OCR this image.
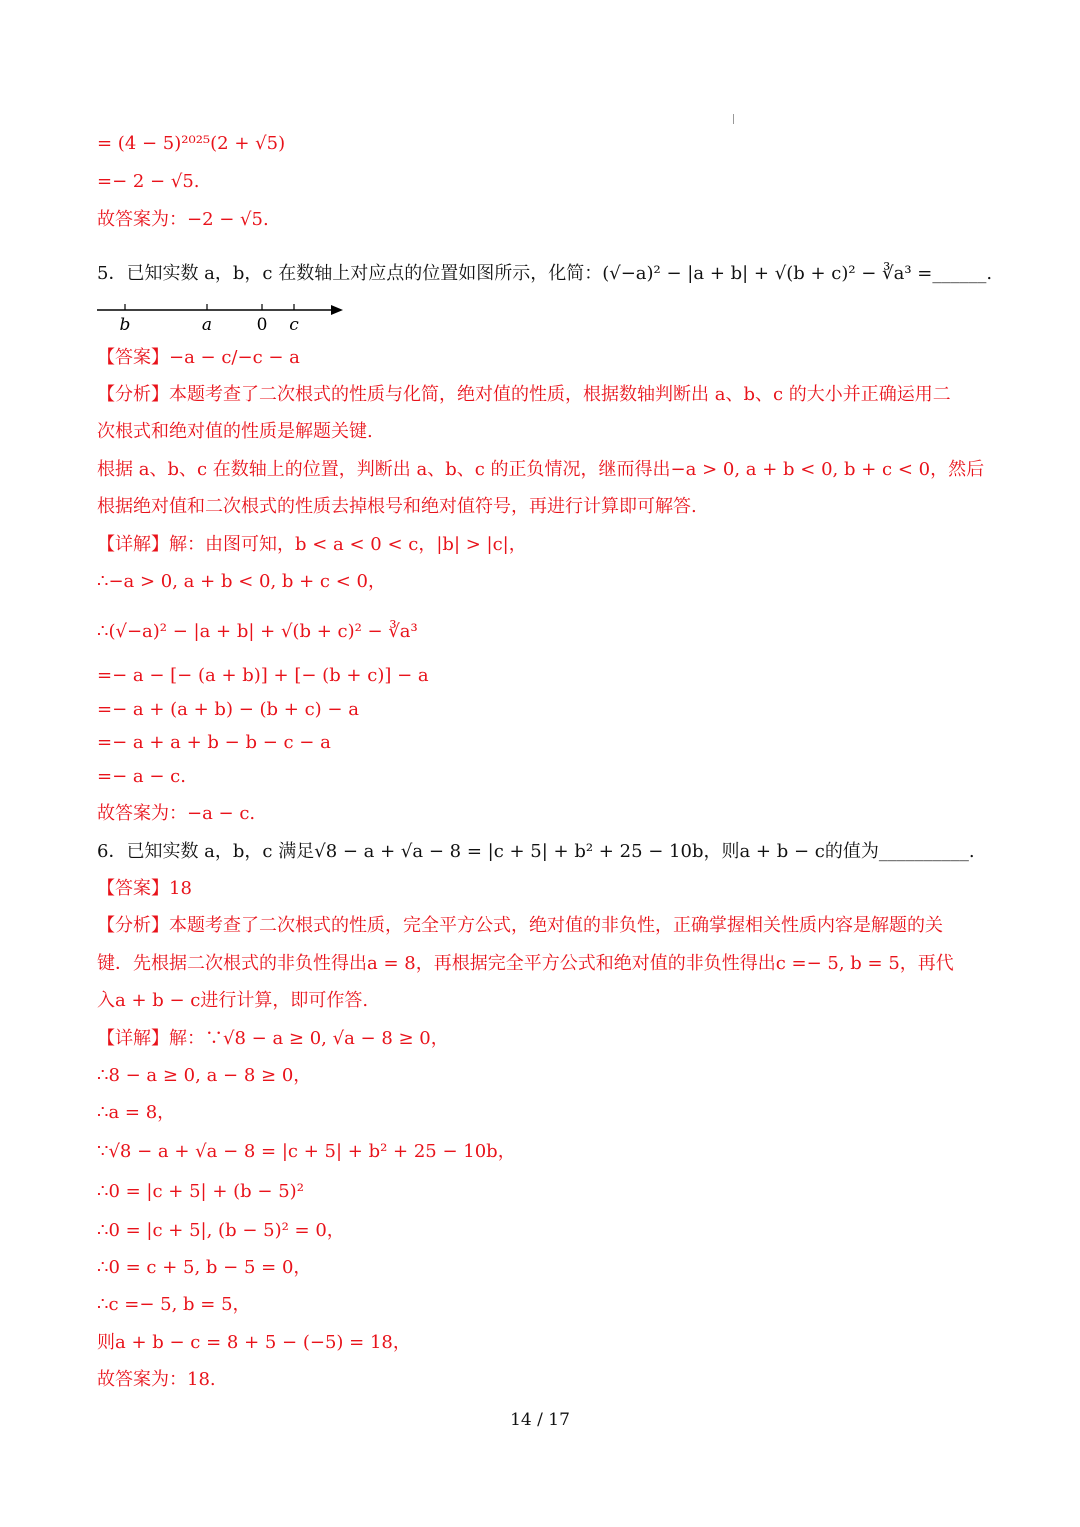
= (4 − 5)²⁰²⁵(2 + √5)
=− 2 − √5.
故答案为：−2 − √5.
5．已知实数 a，b，c 在数轴上对应点的位置如图所示，化简：(√−a)² − |a + b| + √(b + c)² − ∛a³ =______.
【答案】−a − c/−c − a
【分析】本题考查了二次根式的性质与化简，绝对值的性质，根据数轴判断出 a、b、c 的大小并正确运用二
次根式和绝对值的性质是解题关键.
根据 a、b、c 在数轴上的位置，判断出 a、b、c 的正负情况，继而得出−a > 0, a + b < 0, b + c < 0，然后
根据绝对值和二次根式的性质去掉根号和绝对值符号，再进行计算即可解答.
【详解】解：由图可知，b < a < 0 < c，|b| > |c|，
∴−a > 0, a + b < 0, b + c < 0，
∴(√−a)² − |a + b| + √(b + c)² − ∛a³
=− a − [− (a + b)] + [− (b + c)] − a
=− a + (a + b) − (b + c) − a
=− a + a + b − b − c − a
=− a − c.
故答案为：−a − c.
6．已知实数 a，b，c 满足√8 − a + √a − 8 = |c + 5| + b² + 25 − 10b，则a + b − c的值为__________.
【答案】18
【分析】本题考查了二次根式的性质，完全平方公式，绝对值的非负性，正确掌握相关性质内容是解题的关
键．先根据二次根式的非负性得出a = 8，再根据完全平方公式和绝对值的非负性得出c =− 5, b = 5，再代
入a + b − c进行计算，即可作答.
【详解】解：∵√8 − a ≥ 0, √a − 8 ≥ 0，
∴8 − a ≥ 0, a − 8 ≥ 0，
∴a = 8，
∵√8 − a + √a − 8 = |c + 5| + b² + 25 − 10b，
∴0 = |c + 5| + (b − 5)²
∴0 = |c + 5|, (b − 5)² = 0，
∴0 = c + 5, b − 5 = 0，
∴c =− 5, b = 5，
则a + b − c = 8 + 5 − (−5) = 18，
故答案为：18.
b	a	0 c
14 / 17
